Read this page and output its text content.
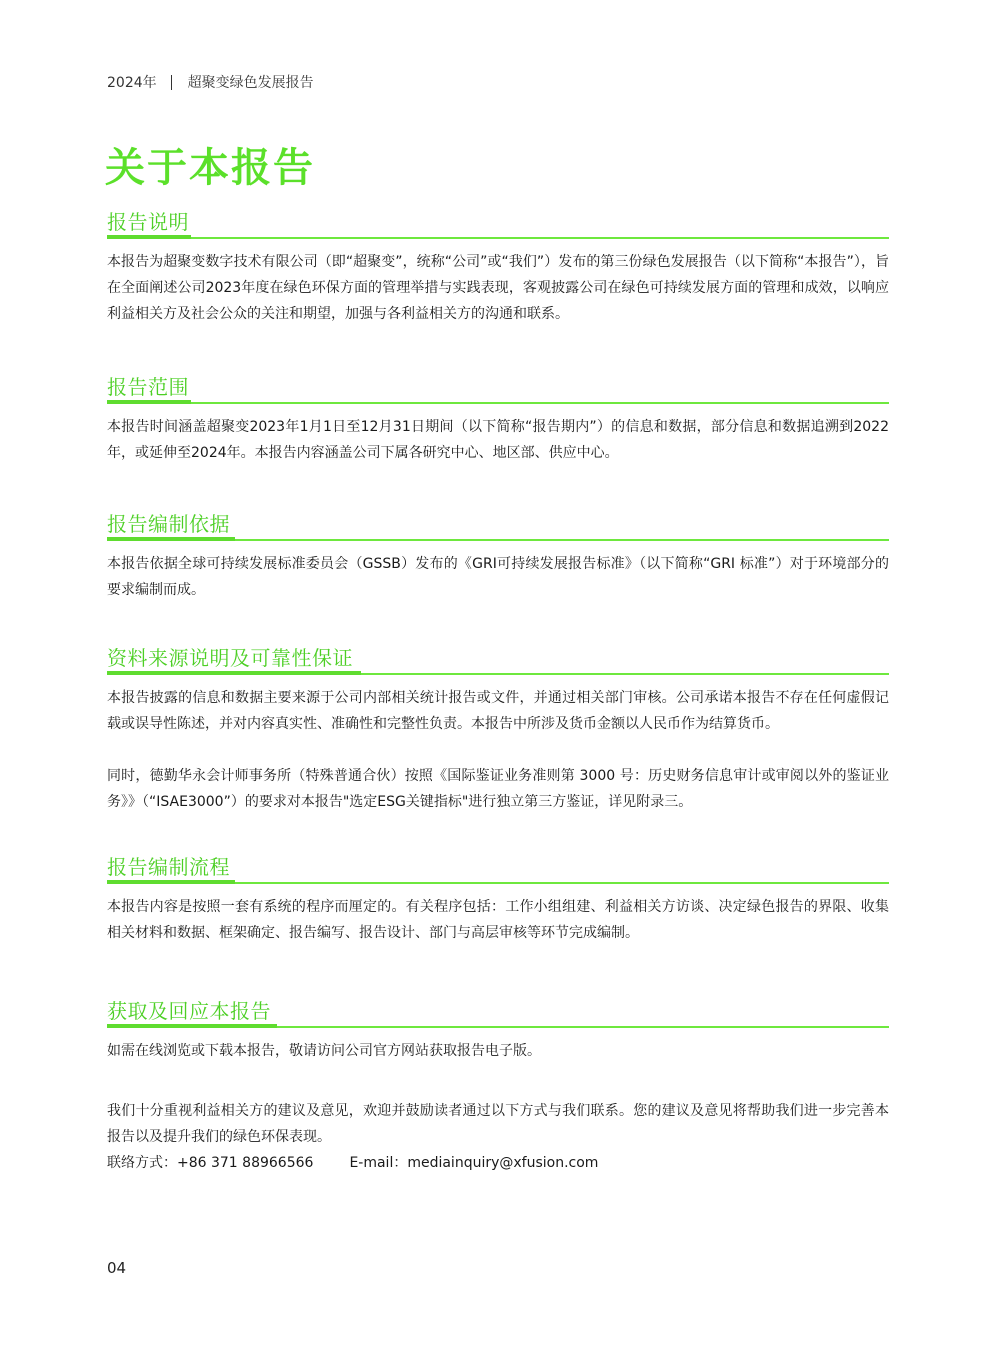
2024年 超聚变绿色发展报告
关于本报告
报告说明

本报告为超聚变数字技术有限公司（即“超聚变”，统称“公司”或“我们”）发布的第三份绿色发展报告（以下简称“本报告”），旨在全面阐述公司2023年度在绿色环保方面的管理举措与实践表现，客观披露公司在绿色可持续发展方面的管理和成效，以响应利益相关方及社会公众的关注和期望，加强与各利益相关方的沟通和联系。

报告范围

本报告时间涵盖超聚变2023年1月1日至12月31日期间（以下简称“报告期内”）的信息和数据，部分信息和数据追溯到2022年，或延伸至2024年。本报告内容涵盖公司下属各研究中心、地区部、供应中心。

报告编制依据

本报告依据全球可持续发展标准委员会（GSSB）发布的《GRI可持续发展报告标准》（以下简称“GRI 标准”）对于环境部分的要求编制而成。

资料来源说明及可靠性保证

本报告披露的信息和数据主要来源于公司内部相关统计报告或文件，并通过相关部门审核。公司承诺本报告不存在任何虚假记载或误导性陈述，并对内容真实性、准确性和完整性负责。本报告中所涉及货币金额以人民币作为结算货币。

同时，德勤华永会计师事务所（特殊普通合伙）按照《国际鉴证业务准则第 3000 号：历史财务信息审计或审阅以外的鉴证业务》》（“ISAE3000”）的要求对本报告"选定ESG关键指标"进行独立第三方鉴证，详见附录三。

报告编制流程

本报告内容是按照一套有系统的程序而厘定的。有关程序包括：工作小组组建、利益相关方访谈、决定绿色报告的界限、收集相关材料和数据、框架确定、报告编写、报告设计、部门与高层审核等环节完成编制。

获取及回应本报告

如需在线浏览或下载本报告，敬请访问公司官方网站获取报告电子版。

我们十分重视利益相关方的建议及意见，欢迎并鼓励读者通过以下方式与我们联系。您的建议及意见将帮助我们进一步完善本报告以及提升我们的绿色环保表现。

联络方式：+86 371 88966566	E-mail：mediainquiry@xfusion.com
04
